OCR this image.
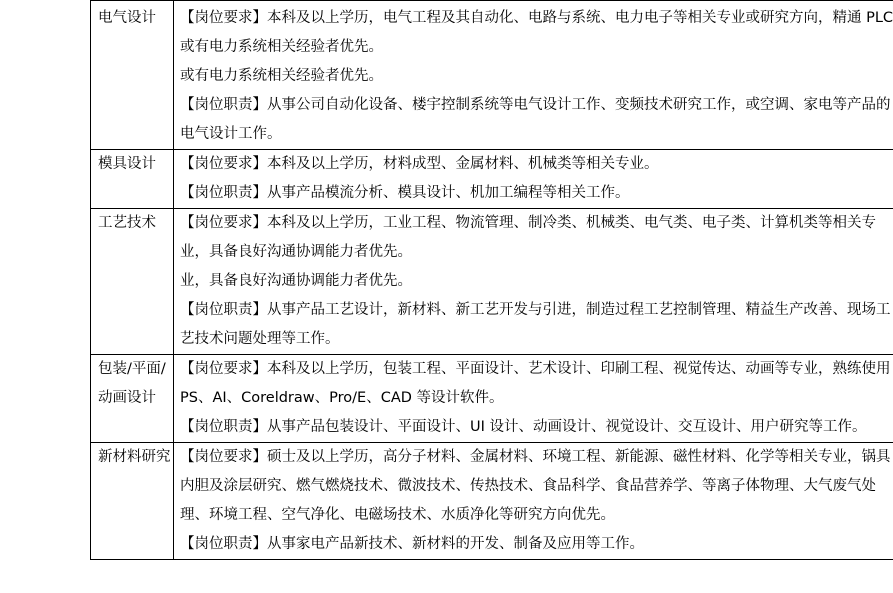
电气设计	【岗位要求】本科及以上学历，电气工程及其自动化、电路与系统、电力电子等相关专业或研究方向，精通 PLC或有电力系统相关经验者优先。
或有电力系统相关经验者优先。
【岗位职责】从事公司自动化设备、楼宇控制系统等电气设计工作、变频技术研究工作，或空调、家电等产品的电气设计工作。

模具设计	【岗位要求】本科及以上学历，材料成型、金属材料、机械类等相关专业。
【岗位职责】从事产品模流分析、模具设计、机加工编程等相关工作。

工艺技术	【岗位要求】本科及以上学历，工业工程、物流管理、制冷类、机械类、电气类、电子类、计算机类等相关专业，具备良好沟通协调能力者优先。
业，具备良好沟通协调能力者优先。
【岗位职责】从事产品工艺设计，新材料、新工艺开发与引进，制造过程工艺控制管理、精益生产改善、现场工艺技术问题处理等工作。

包装/平面/动画设计	【岗位要求】本科及以上学历，包装工程、平面设计、艺术设计、印刷工程、视觉传达、动画等专业，熟练使用 PS、AI、Coreldraw、Pro/E、CAD 等设计软件。
【岗位职责】从事产品包装设计、平面设计、UI 设计、动画设计、视觉设计、交互设计、用户研究等工作。

新材料研究	【岗位要求】硕士及以上学历，高分子材料、金属材料、环境工程、新能源、磁性材料、化学等相关专业，锅具内胆及涂层研究、燃气燃烧技术、微波技术、传热技术、食品科学、食品营养学、等离子体物理、大气废气处理、环境工程、空气净化、电磁场技术、水质净化等研究方向优先。
【岗位职责】从事家电产品新技术、新材料的开发、制备及应用等工作。
